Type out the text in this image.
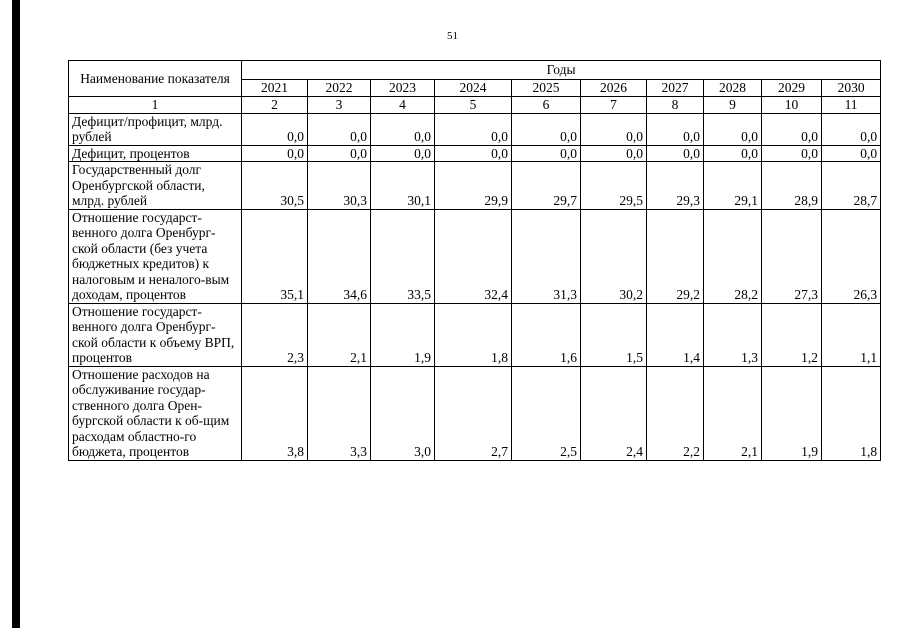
51
Наименование показателя	Годы									
	2021	2022	2023	2024	2025	2026	2027	2028	2029	2030
1	2	3	4	5	6	7	8	9	10	11
Дефицит/профицит, млрд. рублей	0,0	0,0	0,0	0,0	0,0	0,0	0,0	0,0	0,0	0,0
Дефицит, процентов	0,0	0,0	0,0	0,0	0,0	0,0	0,0	0,0	0,0	0,0
Государственный долг Оренбургской области, млрд. рублей	30,5	30,3	30,1	29,9	29,7	29,5	29,3	29,1	28,9	28,7
Отношение государст-венного долга Оренбург-ской области (без учета бюджетных кредитов) к налоговым и неналого-вым доходам, процентов	35,1	34,6	33,5	32,4	31,3	30,2	29,2	28,2	27,3	26,3
Отношение государст-венного долга Оренбург-ской области к объему ВРП, процентов	2,3	2,1	1,9	1,8	1,6	1,5	1,4	1,3	1,2	1,1
Отношение расходов на обслуживание государ-ственного долга Орен-бургской области к об-щим расходам областно-го бюджета, процентов	3,8	3,3	3,0	2,7	2,5	2,4	2,2	2,1	1,9	1,8
